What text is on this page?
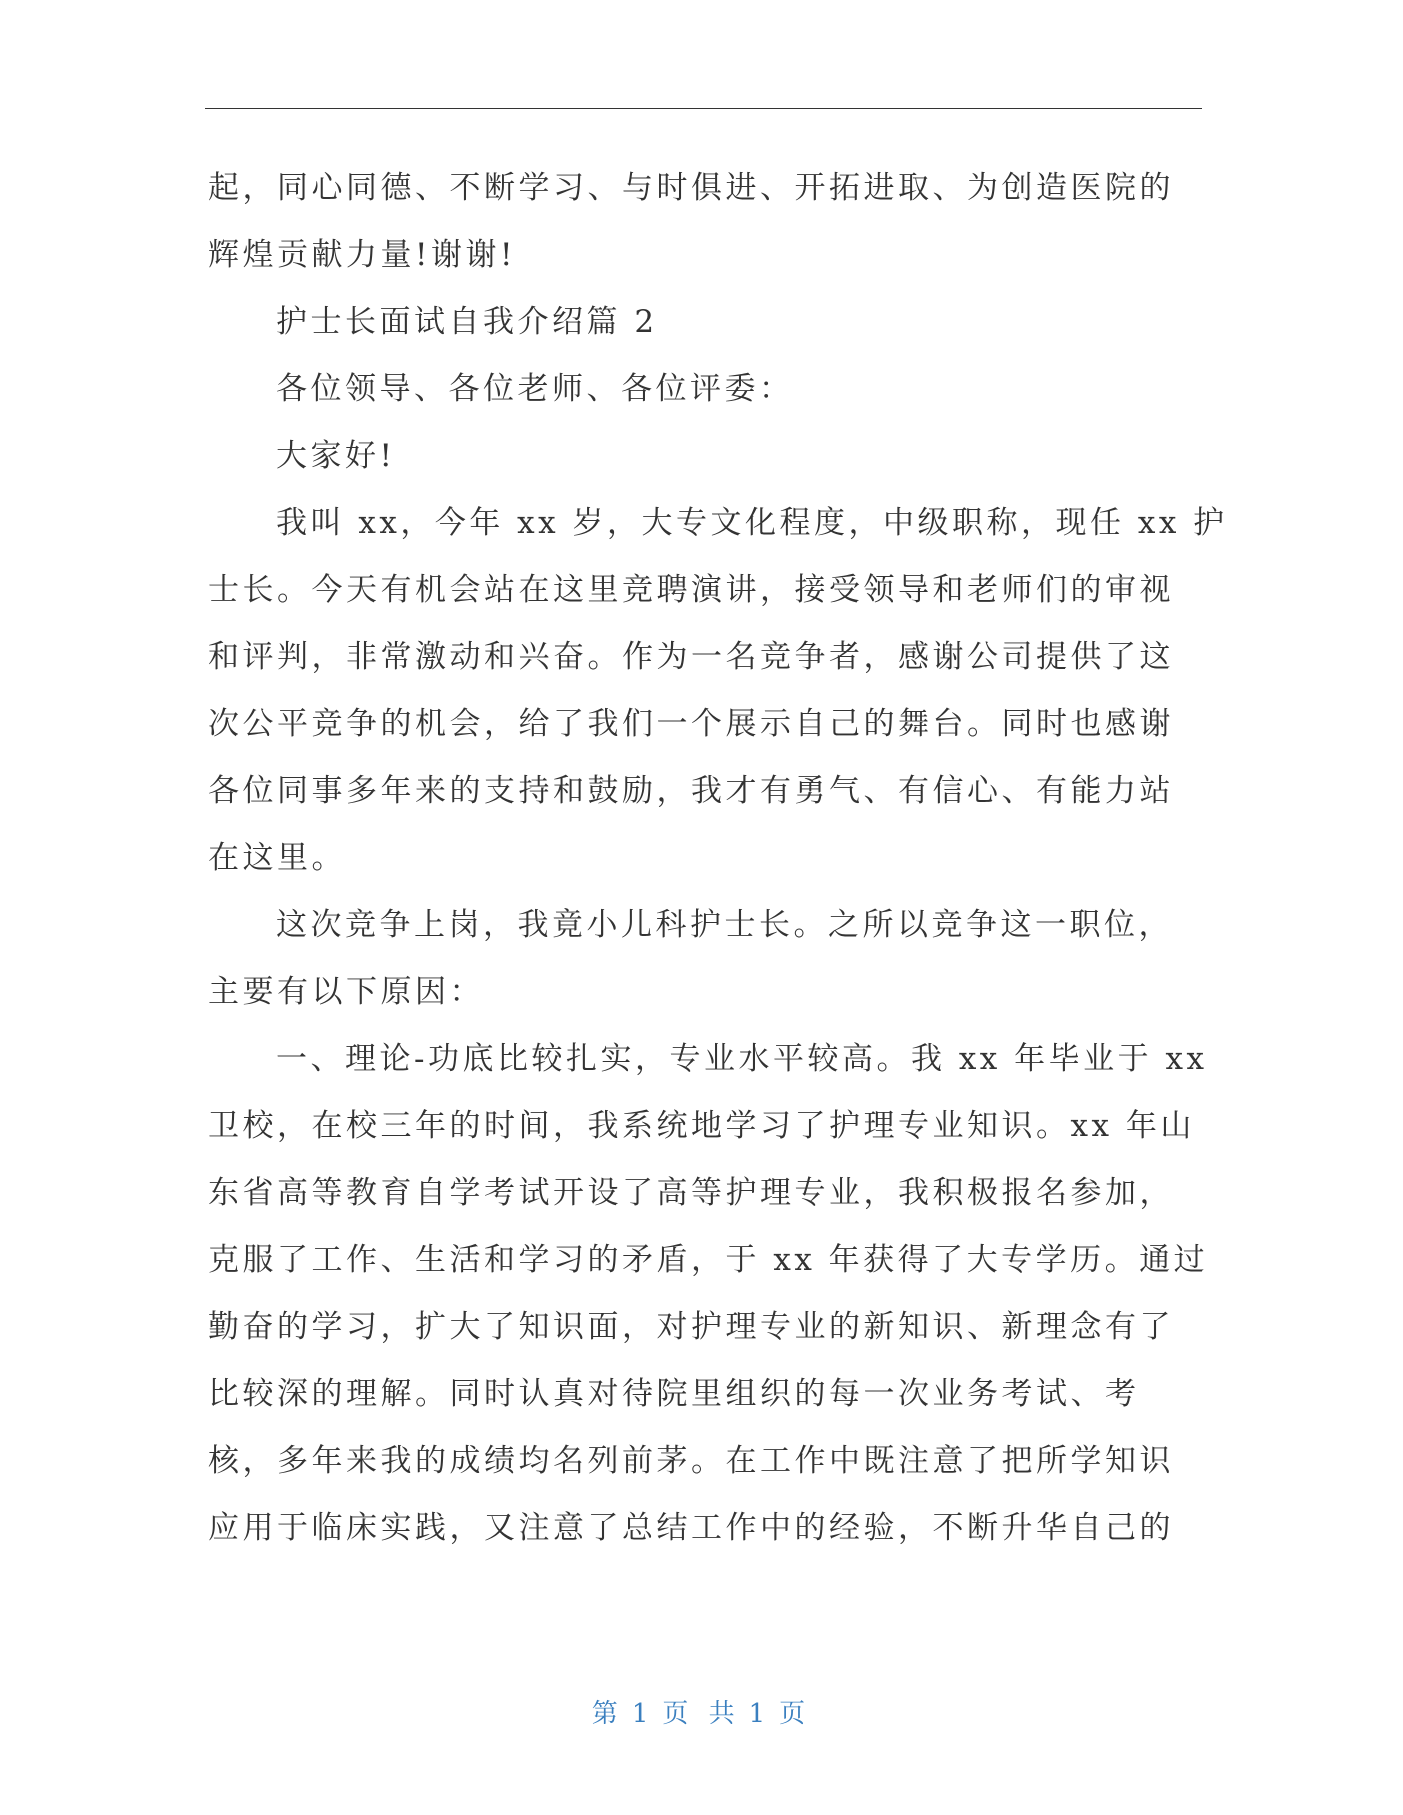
起，同心同德、不断学习、与时俱进、开拓进取、为创造医院的
辉煌贡献力量!谢谢!
护士长面试自我介绍篇 2
各位领导、各位老师、各位评委：
大家好!
我叫 xx，今年 xx 岁，大专文化程度，中级职称，现任 xx 护
士长。今天有机会站在这里竞聘演讲，接受领导和老师们的审视
和评判，非常激动和兴奋。作为一名竞争者，感谢公司提供了这
次公平竞争的机会，给了我们一个展示自己的舞台。同时也感谢
各位同事多年来的支持和鼓励，我才有勇气、有信心、有能力站
在这里。
这次竞争上岗，我竟小儿科护士长。之所以竞争这一职位，
主要有以下原因：
一、理论-功底比较扎实，专业水平较高。我 xx 年毕业于 xx
卫校，在校三年的时间，我系统地学习了护理专业知识。xx 年山
东省高等教育自学考试开设了高等护理专业，我积极报名参加，
克服了工作、生活和学习的矛盾，于 xx 年获得了大专学历。通过
勤奋的学习，扩大了知识面，对护理专业的新知识、新理念有了
比较深的理解。同时认真对待院里组织的每一次业务考试、考
核，多年来我的成绩均名列前茅。在工作中既注意了把所学知识
应用于临床实践，又注意了总结工作中的经验，不断升华自己的
第 1 页 共 1 页
